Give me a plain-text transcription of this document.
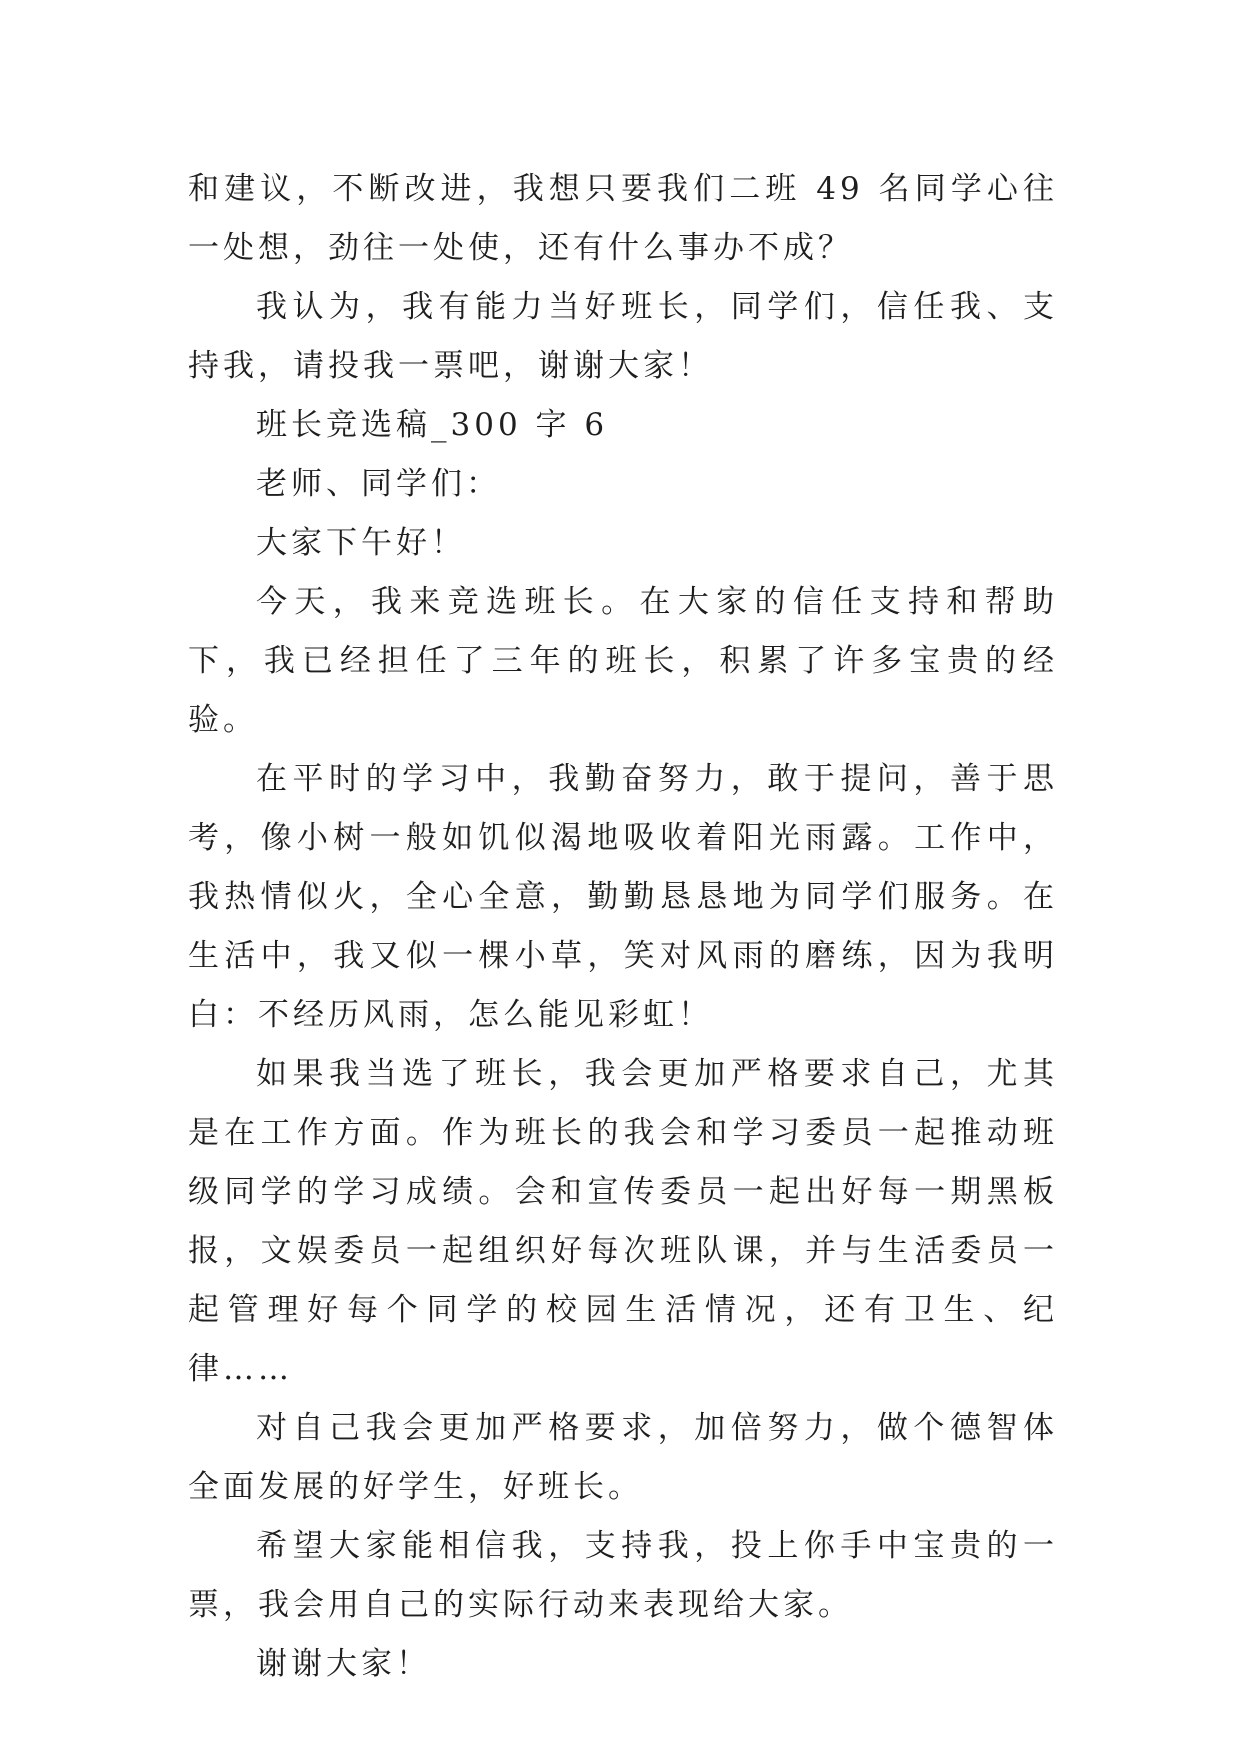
和建议，不断改进，我想只要我们二班 49 名同学心往一处想，劲往一处使，还有什么事办不成？

我认为，我有能力当好班长，同学们，信任我、支持我，请投我一票吧，谢谢大家！

班长竞选稿_300 字 6

老师、同学们：

大家下午好！

今天，我来竞选班长。在大家的信任支持和帮助下，我已经担任了三年的班长，积累了许多宝贵的经验。

在平时的学习中，我勤奋努力，敢于提问，善于思考，像小树一般如饥似渴地吸收着阳光雨露。工作中，我热情似火，全心全意，勤勤恳恳地为同学们服务。在生活中，我又似一棵小草，笑对风雨的磨练，因为我明白：不经历风雨，怎么能见彩虹！

如果我当选了班长，我会更加严格要求自己，尤其是在工作方面。作为班长的我会和学习委员一起推动班级同学的学习成绩。会和宣传委员一起出好每一期黑板报，文娱委员一起组织好每次班队课，并与生活委员一起管理好每个同学的校园生活情况，还有卫生、纪律……

对自己我会更加严格要求，加倍努力，做个德智体全面发展的好学生，好班长。

希望大家能相信我，支持我，投上你手中宝贵的一票，我会用自己的实际行动来表现给大家。

谢谢大家！
